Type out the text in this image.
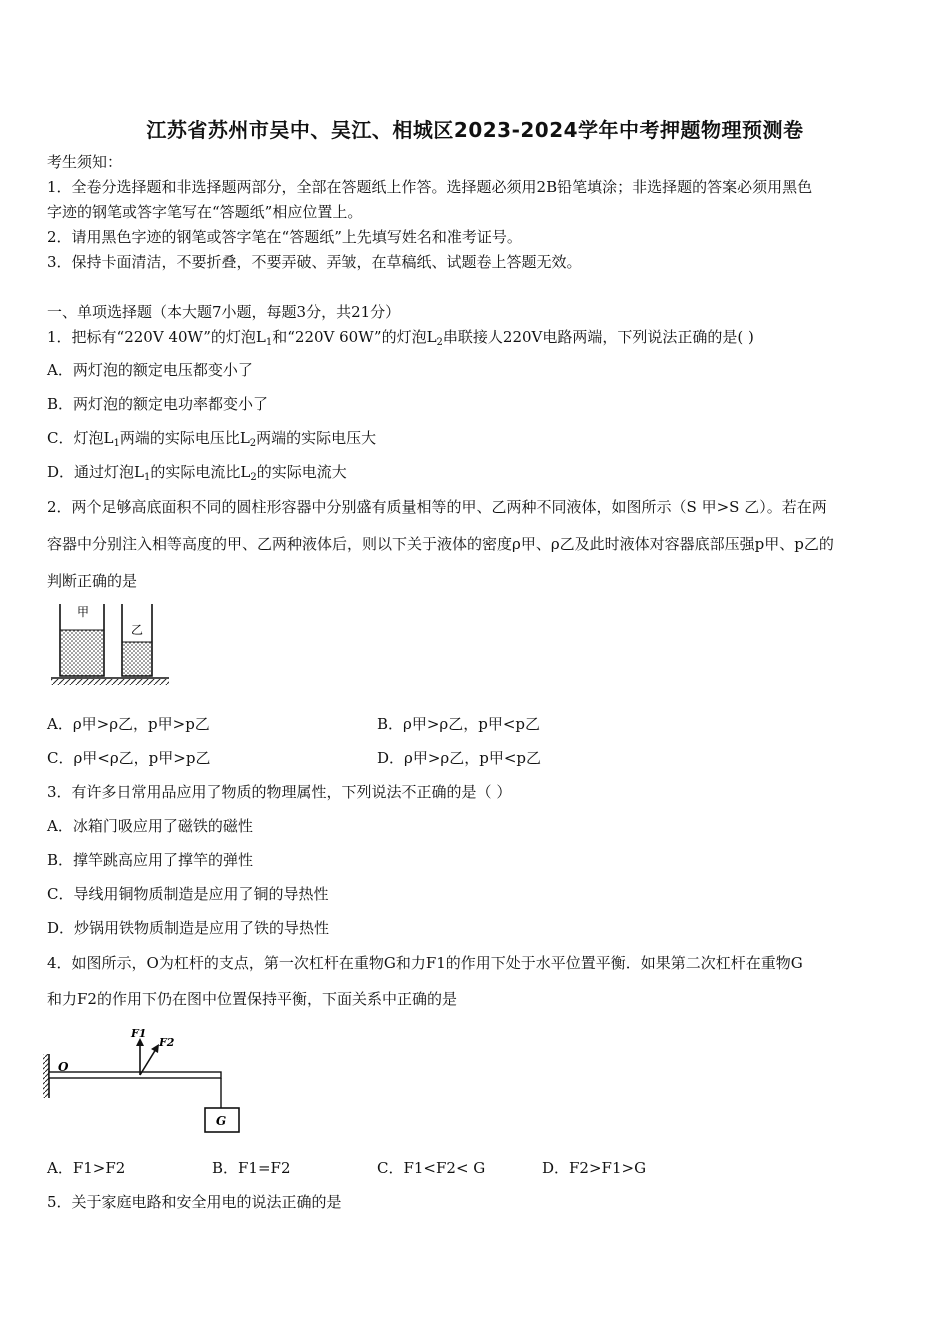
江苏省苏州市吴中、吴江、相城区2023-2024学年中考押题物理预测卷
考生须知：
1．全卷分选择题和非选择题两部分，全部在答题纸上作答。选择题必须用2B铅笔填涂；非选择题的答案必须用黑色
字迹的钢笔或答字笔写在“答题纸”相应位置上。
2．请用黑色字迹的钢笔或答字笔在“答题纸”上先填写姓名和准考证号。
3．保持卡面清洁，不要折叠，不要弄破、弄皱，在草稿纸、试题卷上答题无效。
一、单项选择题（本大题7小题，每题3分，共21分）
1．把标有“220V 40W”的灯泡$L_1$和“220V 60W”的灯泡$L_2$串联接人220V电路两端，下列说法正确的是( )
A．两灯泡的额定电压都变小了
B．两灯泡的额定电功率都变小了
C．灯泡$L_1$两端的实际电压比$L_2$两端的实际电压大
D．通过灯泡$L_1$的实际电流比$L_2$的实际电流大
2．两个足够高底面积不同的圆柱形容器中分别盛有质量相等的甲、乙两种不同液体，如图所示（S 甲>S 乙）。若在两
容器中分别注入相等高度的甲、乙两种液体后，则以下关于液体的密度ρ甲、ρ乙及此时液体对容器底部压强p甲、p乙的
判断正确的是
甲
乙
A．ρ甲>ρ乙，p甲>p乙	B．ρ甲>ρ乙，p甲<p乙
C．ρ甲<ρ乙，p甲>p乙	D．ρ甲>ρ乙，p甲<p乙
3．有许多日常用品应用了物质的物理属性，下列说法不正确的是（ ）
A．冰箱门吸应用了磁铁的磁性
B．撑竿跳高应用了撑竿的弹性
C．导线用铜物质制造是应用了铜的导热性
D．炒锅用铁物质制造是应用了铁的导热性
4．如图所示，O为杠杆的支点，第一次杠杆在重物G和力F1的作用下处于水平位置平衡．如果第二次杠杆在重物G
和力F2的作用下仍在图中位置保持平衡，下面关系中正确的是
O
F1
F2
G
A．F1>F2	B．F1=F2	C．F1<F2< G	D．F2>F1>G
5．关于家庭电路和安全用电的说法正确的是
